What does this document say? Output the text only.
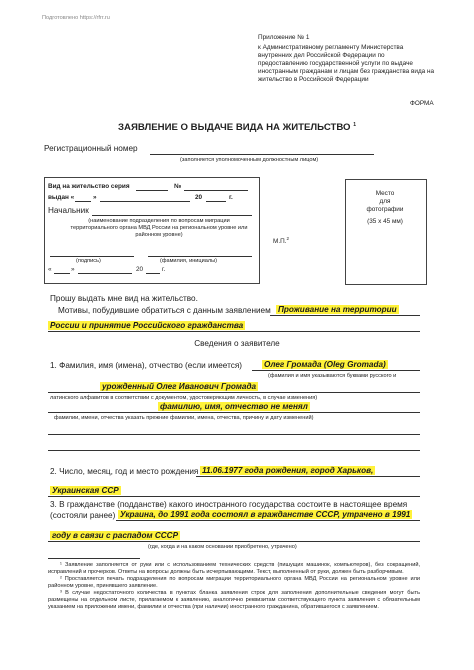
Подготовлено https://rfrr.ru
Приложение № 1
к Административному регламенту Министерства
внутренних дел Российской Федерации по
предоставлению государственной услуги по выдаче
иностранным гражданам и лицам без гражданства вида на
жительство в Российской Федерации
ФОРМА
ЗАЯВЛЕНИЕ О ВЫДАЧЕ ВИДА НА ЖИТЕЛЬСТВО $^1$
Регистрационный номер
(заполняется уполномоченным должностным лицом)
Вид на жительство серия	№
выдан «	»	20	г.
Начальник
(наименование подразделения по вопросам миграции территориального органа МВД России на региональном уровне или районном уровне)
(подпись)	(фамилия, инициалы)
«	»	20	г.
М.П.$^2$
Место
для
фотографии
(35 x 45 мм)
Прошу выдать мне вид на жительство.
Мотивы, побудившие обратиться с данным заявлением Проживание на территории
России и принятие Российского гражданства
Сведения о заявителе
1. Фамилия, имя (имена), отчество (если имеется)	Олег Громада (Oleg Gromada)
(фамилия и имя указываются буквами русского и
урожденный Олег Иванович Громада
латинского алфавитов в соответствии с документом, удостоверяющим личность, в случае изменения)
фамилию, имя, отчество не менял
фамилии, имени, отчества указать прежние фамилии, имена, отчества, причину и дату изменений)
2. Число, месяц, год и место рождения 11.06.1977 года рождения, город Харьков,
Украинская ССР
3. В гражданстве (подданстве) какого иностранного государства состоите в настоящее время
(состояли ранее) Украина, до 1991 года состоял в гражданстве СССР, утрачено в 1991
году в связи с распадом СССР
(где, когда и на каком основании приобретено, утрачено)
¹ Заявление заполняется от руки или с использованием технических средств (пишущих машинок, компьютеров), без сокращений, исправлений и прочерков. Ответы на вопросы должны быть исчерпывающими. Текст, выполненный от руки, должен быть разборчивым.
² Проставляется печать подразделения по вопросам миграции территориального органа МВД России на региональном уровне или районном уровне, принявшего заявление.
³ В случае недостаточного количества в пунктах бланка заявления строк для заполнения дополнительные сведения могут быть размещены на отдельном листе, прилагаемом к заявлению, аналогично реквизитам соответствующего пункта заявления с обязательным указанием на приложении имени, фамилии и отчества (при наличии) иностранного гражданина, обратившегося с заявлением.
